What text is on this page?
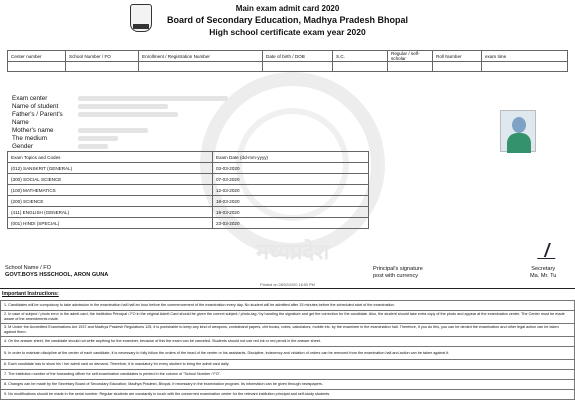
मध्यप्रदेश
Main exam admit card 2020
Board of Secondary Education, Madhya Pradesh Bhopal
High school certificate exam year 2020
Center number	School Number / FO	Enrollment / Registration Number	Date of birth / DOB	S.C.	Regular / self-scholar	Roll Number	exam time

Exam center
Name of student
Father's / Parent's Name
Mother's name
The medium
Gender
Exam Topics and Codes	Exam Date (dd-mm-yyyy)
(012) SANSKRIT (GENERAL)	03-03-2020
(300) SOCIAL SCIENCE	07-03-2020
(100) MATHEMATICS	12-03-2020
(200) SCIENCE	18-03-2020
(411) ENGLISH (GENERAL)	19-03-2020
(001) HINDI (SPECIAL)	23-03-2020
School Name / FO
GOVT.BOYS HSSCHOOL, ARON GUNA
Principal's signature
post with currency
Secretary
Ma. Mr. Tu
Printed on 28/02/2020 16:50 PM
Important Instructions:
1. Candidates will be compulsory to take admission in the examination hall half an hour before the commencement of the examination every day. No student will be admitted after 15 minutes before the scheduled start of the examination.
2. In case of subject / photo error in the admit card, the institution Principal / FO in the original Admit Card should be given the correct subject / photo-tag / by handing the signature and get the correction for the candidate. Also, the student should take extra copy of the photo and appear at the examination center. The Center must be made aware of the amendments made.
3. M Under the Accredited Examinations Act 1937 and Madhya Pradesh Regulations 125, it is punishable to keep any kind of weapons, contraband papers, chit books, notes, calculators, mobile etc. by the examinee in the examination hall. Therefore, if you do this, you can be denied the examination and other legal action can be taken against them.
4. On the answer sheet, the candidate should not write anything for the examiner, because of this the exam can be canceled. Students should not use red ink or red pencil in the answer sheet.
5. In order to maintain discipline at the center of each candidate, it is necessary to fully follow the orders of the head of the center or his assistants. Discipline, indecency and violation of orders can be removed from the examination hall and action can be taken against it.
6. Each candidate has to show his / her admit card on demand. Therefore, it is mandatory for every student to bring the admit card daily.
7. The institution number of the forwarding officer for self-examination candidates is printed in the column of "School Number / FO".
8. Changes can be made by the Secretary Board of Secondary Education, Madhya Pradesh, Bhopal, if necessary in the examination program. Its information can be given through newspapers.
9. No modifications should be made in the serial number. Regular students are constantly in touch with the concerned examination center for the relevant institution principal and self-study students.
